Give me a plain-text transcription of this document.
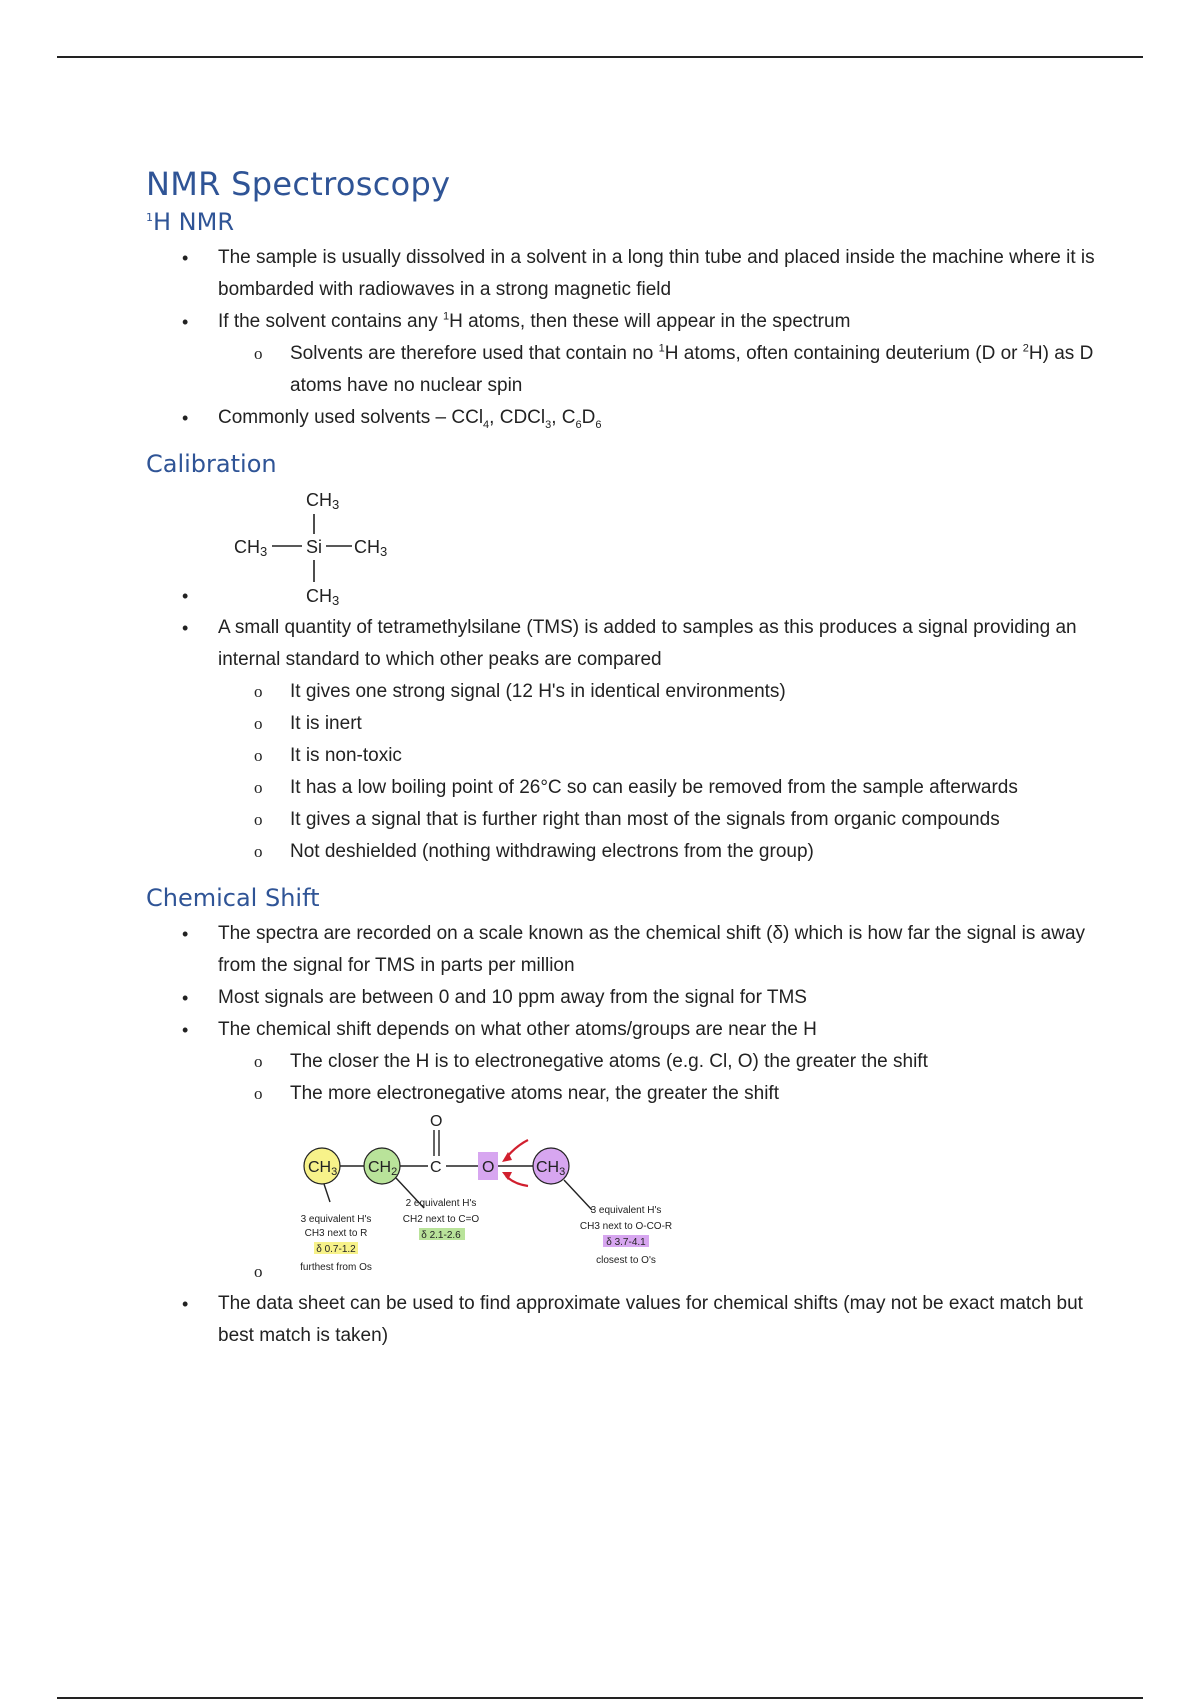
NMR Spectroscopy
$^1$H NMR
• The sample is usually dissolved in a solvent in a long thin tube and placed inside the machine where it is bombarded with radiowaves in a strong magnetic field
• If the solvent contains any $^1$H atoms, then these will appear in the spectrum
o Solvents are therefore used that contain no $^1$H atoms, often containing deuterium (D or $^2$H) as D atoms have no nuclear spin
• Commonly used solvents – CCl$_4$, CDCl$_3$, $C_6D_6$
Calibration
•
CH3
CH3 Si CH3
CH3
• A small quantity of tetramethylsilane (TMS) is added to samples as this produces a signal providing an internal standard to which other peaks are compared
o It gives one strong signal (12 H's in identical environments)
o It is inert
o It is non-toxic
o It has a low boiling point of 26°C so can easily be removed from the sample afterwards
o It gives a signal that is further right than most of the signals from organic compounds
o Not deshielded (nothing withdrawing electrons from the group)
Chemical Shift
• The spectra are recorded on a scale known as the chemical shift (δ) which is how far the signal is away from the signal for TMS in parts per million
• Most signals are between 0 and 10 ppm away from the signal for TMS
• The chemical shift depends on what other atoms/groups are near the H
o The closer the H is to electronegative atoms (e.g. Cl, O) the greater the shift
o The more electronegative atoms near, the greater the shift
o
CH3 CH2 C
O
O	CH3
3 equivalent H's
CH3 next to R
δ 0.7-1.2
furthest from Os
2 equivalent H's
CH2 next to C=O
δ 2.1-2.6
3 equivalent H's
CH3 next to O-CO-R
δ 3.7-4.1
closest to O's
• The data sheet can be used to find approximate values for chemical shifts (may not be exact match but best match is taken)
